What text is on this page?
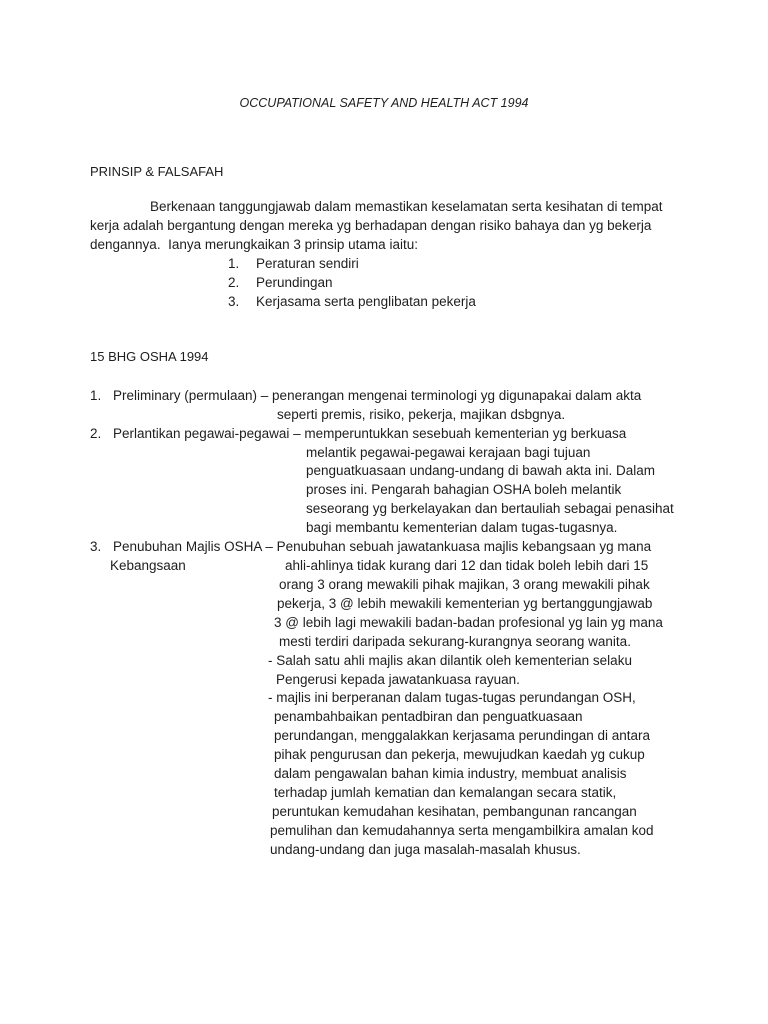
OCCUPATIONAL SAFETY AND HEALTH ACT 1994
PRINSIP & FALSAFAH
Berkenaan tanggungjawab dalam memastikan keselamatan serta kesihatan di tempat
kerja adalah bergantung dengan mereka yg berhadapan dengan risiko bahaya dan yg bekerja
dengannya.  Ianya merungkaikan 3 prinsip utama iaitu:
1. Peraturan sendiri
2. Perundingan
3. Kerjasama serta penglibatan pekerja
15 BHG OSHA 1994
1. Preliminary (permulaan) – penerangan mengenai terminologi yg digunapakai dalam akta
seperti premis, risiko, pekerja, majikan dsbgnya.
2. Perlantikan pegawai-pegawai – memperuntukkan sesebuah kementerian yg berkuasa
melantik pegawai-pegawai kerajaan bagi tujuan
penguatkuasaan undang-undang di bawah akta ini. Dalam
proses ini. Pengarah bahagian OSHA boleh melantik
seseorang yg berkelayakan dan bertauliah sebagai penasihat
bagi membantu kementerian dalam tugas-tugasnya.
3. Penubuhan Majlis OSHA – Penubuhan sebuah jawatankuasa majlis kebangsaan yg mana
Kebangsaan	ahli-ahlinya tidak kurang dari 12 dan tidak boleh lebih dari 15
orang 3 orang mewakili pihak majikan, 3 orang mewakili pihak
pekerja, 3 @ lebih mewakili kementerian yg bertanggungjawab
3 @ lebih lagi mewakili badan-badan profesional yg lain yg mana
mesti terdiri daripada sekurang-kurangnya seorang wanita.
- Salah satu ahli majlis akan dilantik oleh kementerian selaku
Pengerusi kepada jawatankuasa rayuan.
- majlis ini berperanan dalam tugas-tugas perundangan OSH,
penambahbaikan pentadbiran dan penguatkuasaan
perundangan, menggalakkan kerjasama perundingan di antara
pihak pengurusan dan pekerja, mewujudkan kaedah yg cukup
dalam pengawalan bahan kimia industry, membuat analisis
terhadap jumlah kematian dan kemalangan secara statik,
peruntukan kemudahan kesihatan, pembangunan rancangan
pemulihan dan kemudahannya serta mengambilkira amalan kod
undang-undang dan juga masalah-masalah khusus.
